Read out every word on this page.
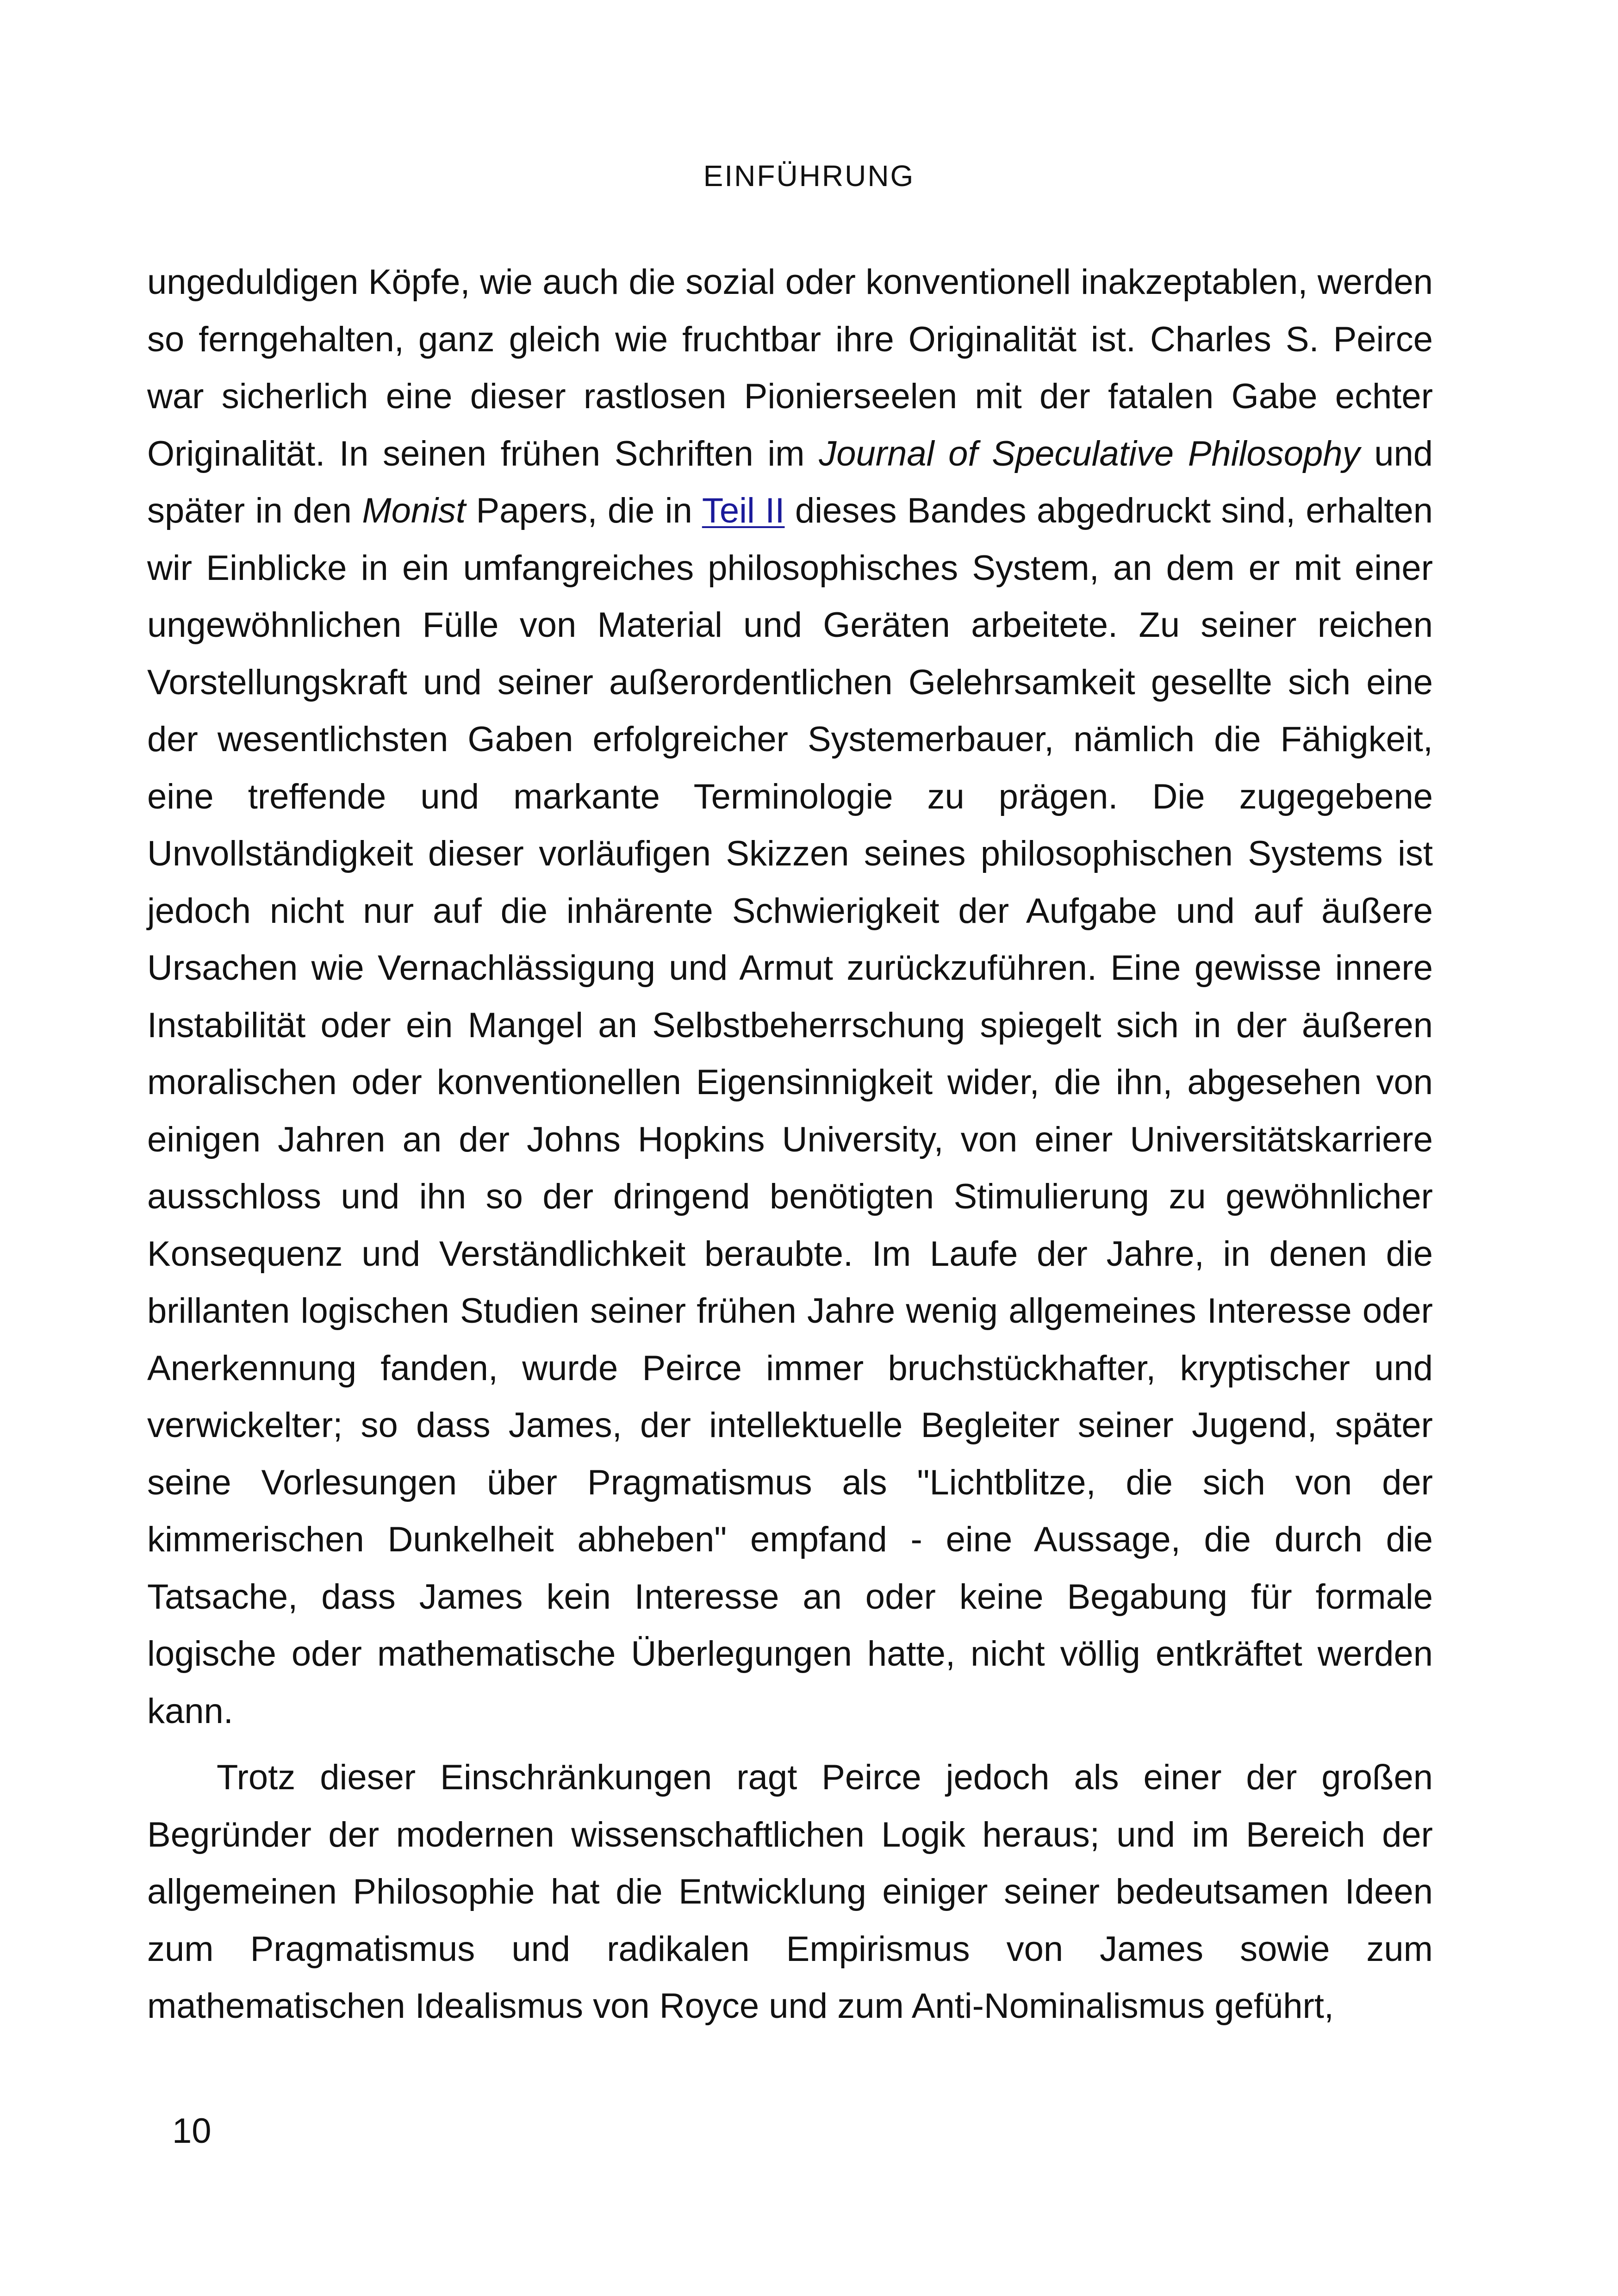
EINFÜHRUNG

ungeduldigen Köpfe, wie auch die sozial oder konventionell inakzeptablen, werden so ferngehalten, ganz gleich wie fruchtbar ihre Originalität ist. Charles S. Peirce war sicherlich eine dieser rastlosen Pionierseelen mit der fatalen Gabe echter Originalität. In seinen frühen Schriften im Journal of Speculative Philosophy und später in den Monist Papers, die in Teil II dieses Bandes abgedruckt sind, erhalten wir Einblicke in ein umfangreiches philosophisches System, an dem er mit einer ungewöhnlichen Fülle von Material und Geräten arbeitete. Zu seiner reichen Vorstellungskraft und seiner außerordentlichen Gelehrsamkeit gesellte sich eine der wesentlichsten Gaben erfolgreicher Systemerbauer, nämlich die Fähigkeit, eine treffende und markante Terminologie zu prägen. Die zugegebene Unvollständigkeit dieser vorläufigen Skizzen seines philosophischen Systems ist jedoch nicht nur auf die inhärente Schwierigkeit der Aufgabe und auf äußere Ursachen wie Vernachlässigung und Armut zurückzuführen. Eine gewisse innere Instabilität oder ein Mangel an Selbstbeherrschung spiegelt sich in der äußeren moralischen oder konventionellen Eigensinnigkeit wider, die ihn, abgesehen von einigen Jahren an der Johns Hopkins University, von einer Universitätskarriere ausschloss und ihn so der dringend benötigten Stimulierung zu gewöhnlicher Konsequenz und Verständlichkeit beraubte. Im Laufe der Jahre, in denen die brillanten logischen Studien seiner frühen Jahre wenig allgemeines Interesse oder Anerkennung fanden, wurde Peirce immer bruchstückhafter, kryptischer und verwickelter; so dass James, der intellektuelle Begleiter seiner Jugend, später seine Vorlesungen über Pragmatismus als "Lichtblitze, die sich von der kimmerischen Dunkelheit abheben" empfand - eine Aussage, die durch die Tatsache, dass James kein Interesse an oder keine Begabung für formale logische oder mathematische Überlegungen hatte, nicht völlig entkräftet werden kann.

Trotz dieser Einschränkungen ragt Peirce jedoch als einer der großen Begründer der modernen wissenschaftlichen Logik heraus; und im Bereich der allgemeinen Philosophie hat die Entwicklung einiger seiner bedeutsamen Ideen zum Pragmatismus und radikalen Empirismus von James sowie zum mathematischen Idealismus von Royce und zum Anti-Nominalismus geführt,

10
